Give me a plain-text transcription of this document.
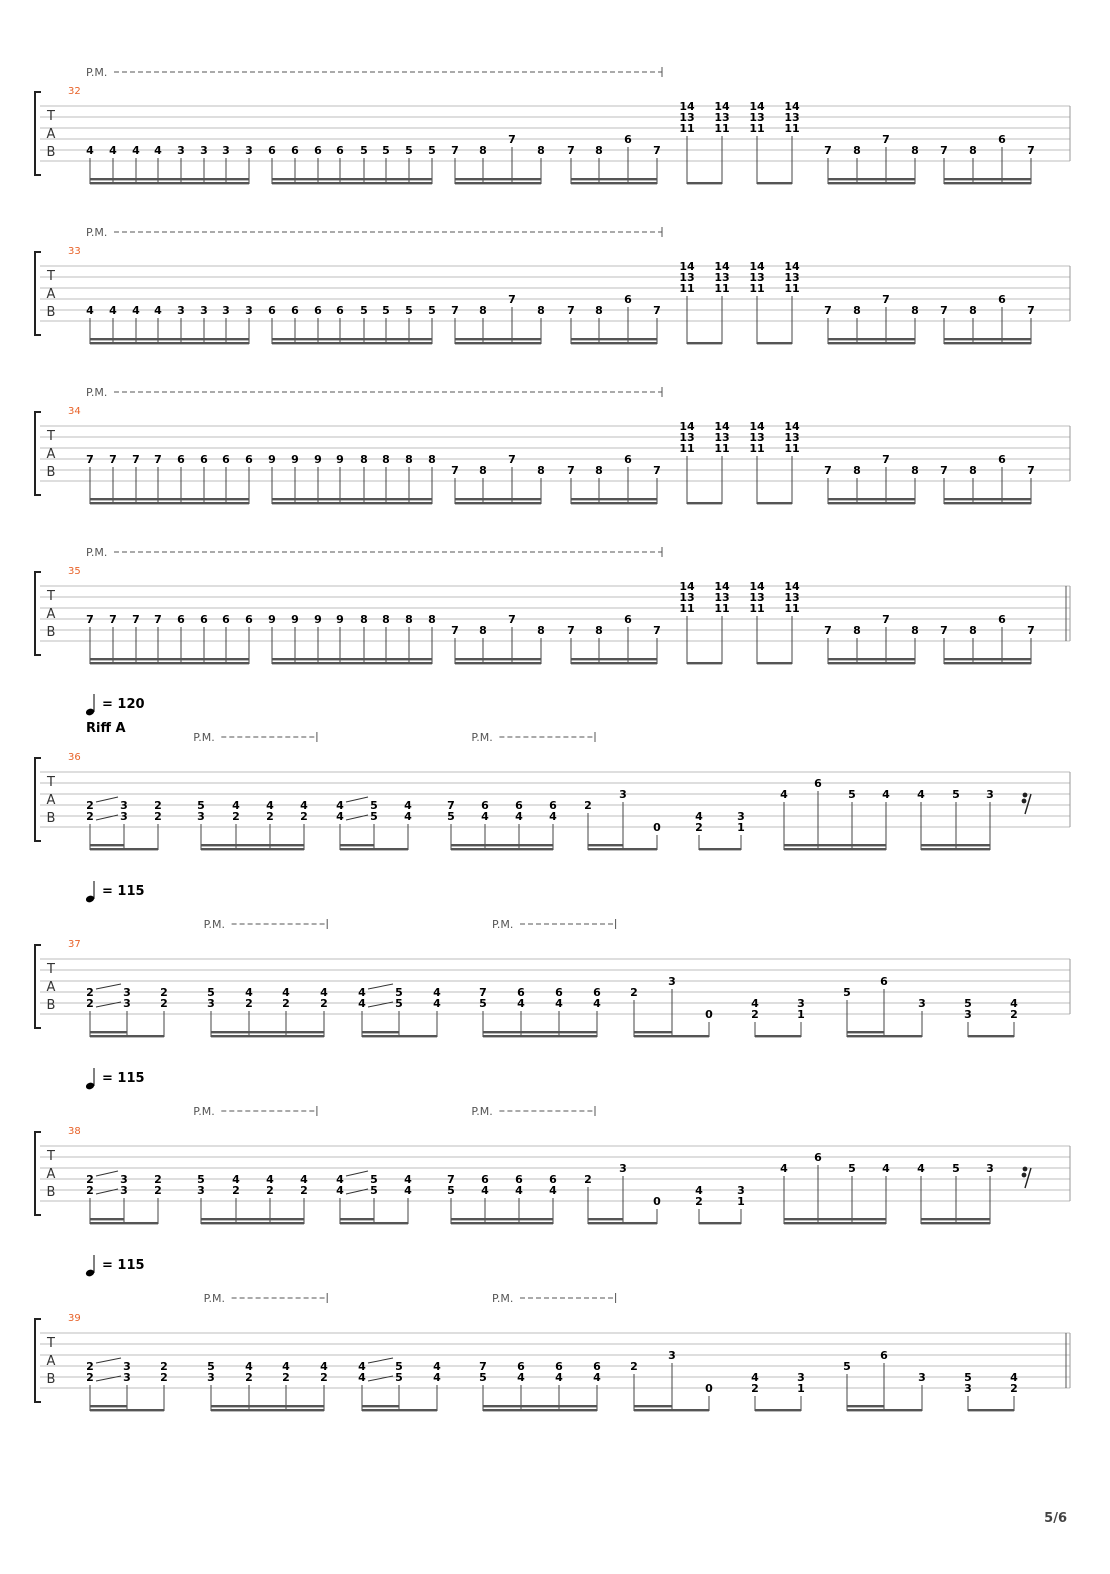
T
A
B
32
P.M.
4 4 4 4 3 3 3 3 6 6 6 6 5 5 5 5 7 8
7
8 7 8
6
7
14
13
11
14
13
11
14
13
11
14
13
11
7 8
7
8 7 8
6
7
T
A
B
33
P.M.
4 4 4 4 3 3 3 3 6 6 6 6 5 5 5 5 7 8
7
8 7 8
6
7
14
13
11
14
13
11
14
13
11
14
13
11
7 8
7
8 7 8
6
7
T
A
B
34
P.M.
7 7 7 7 6 6 6 6 9 9 9 9 8 8 8 8
7 8
7
8 7 8
6
7
14
13
11
14
13
11
14
13
11
14
13
11
7 8
7
8 7 8
6
7
T
A
B
35
P.M.
7 7 7 7 6 6 6 6 9 9 9 9 8 8 8 8
7 8
7
8 7 8
6
7
14
13
11
14
13
11
14
13
11
14
13
11
7 8
7
8 7 8
6
7
T
A
B
36
= 120
Riff A
P.M.	P.M.
2
2
3
3
2
2
5
3
4
2
4
2
4
2
4
4
5
5
4
4
7
5
6
4
6
4
6
4
2
3
0
4
2
3
1
4
6
5 4 4 5 3
T
A
B
37
= 115
P.M.	P.M.
2
2
3
3
2
2
5
3
4
2
4
2
4
2
4
4
5
5
4
4
7
5
6
4
6
4
6
4
2
3
0
4
2
3
1
5
6
3	5
3
4
2
T
A
B
38
= 115
P.M.	P.M.
2
2
3
3
2
2
5
3
4
2
4
2
4
2
4
4
5
5
4
4
7
5
6
4
6
4
6
4
2
3
0
4
2
3
1
4
6
5 4 4 5 3
T
A
B
39
= 115
P.M.	P.M.
2
2
3
3
2
2
5
3
4
2
4
2
4
2
4
4
5
5
4
4
7
5
6
4
6
4
6
4
2
3
0
4
2
3
1
5
6
3	5
3
4
2
5/6
